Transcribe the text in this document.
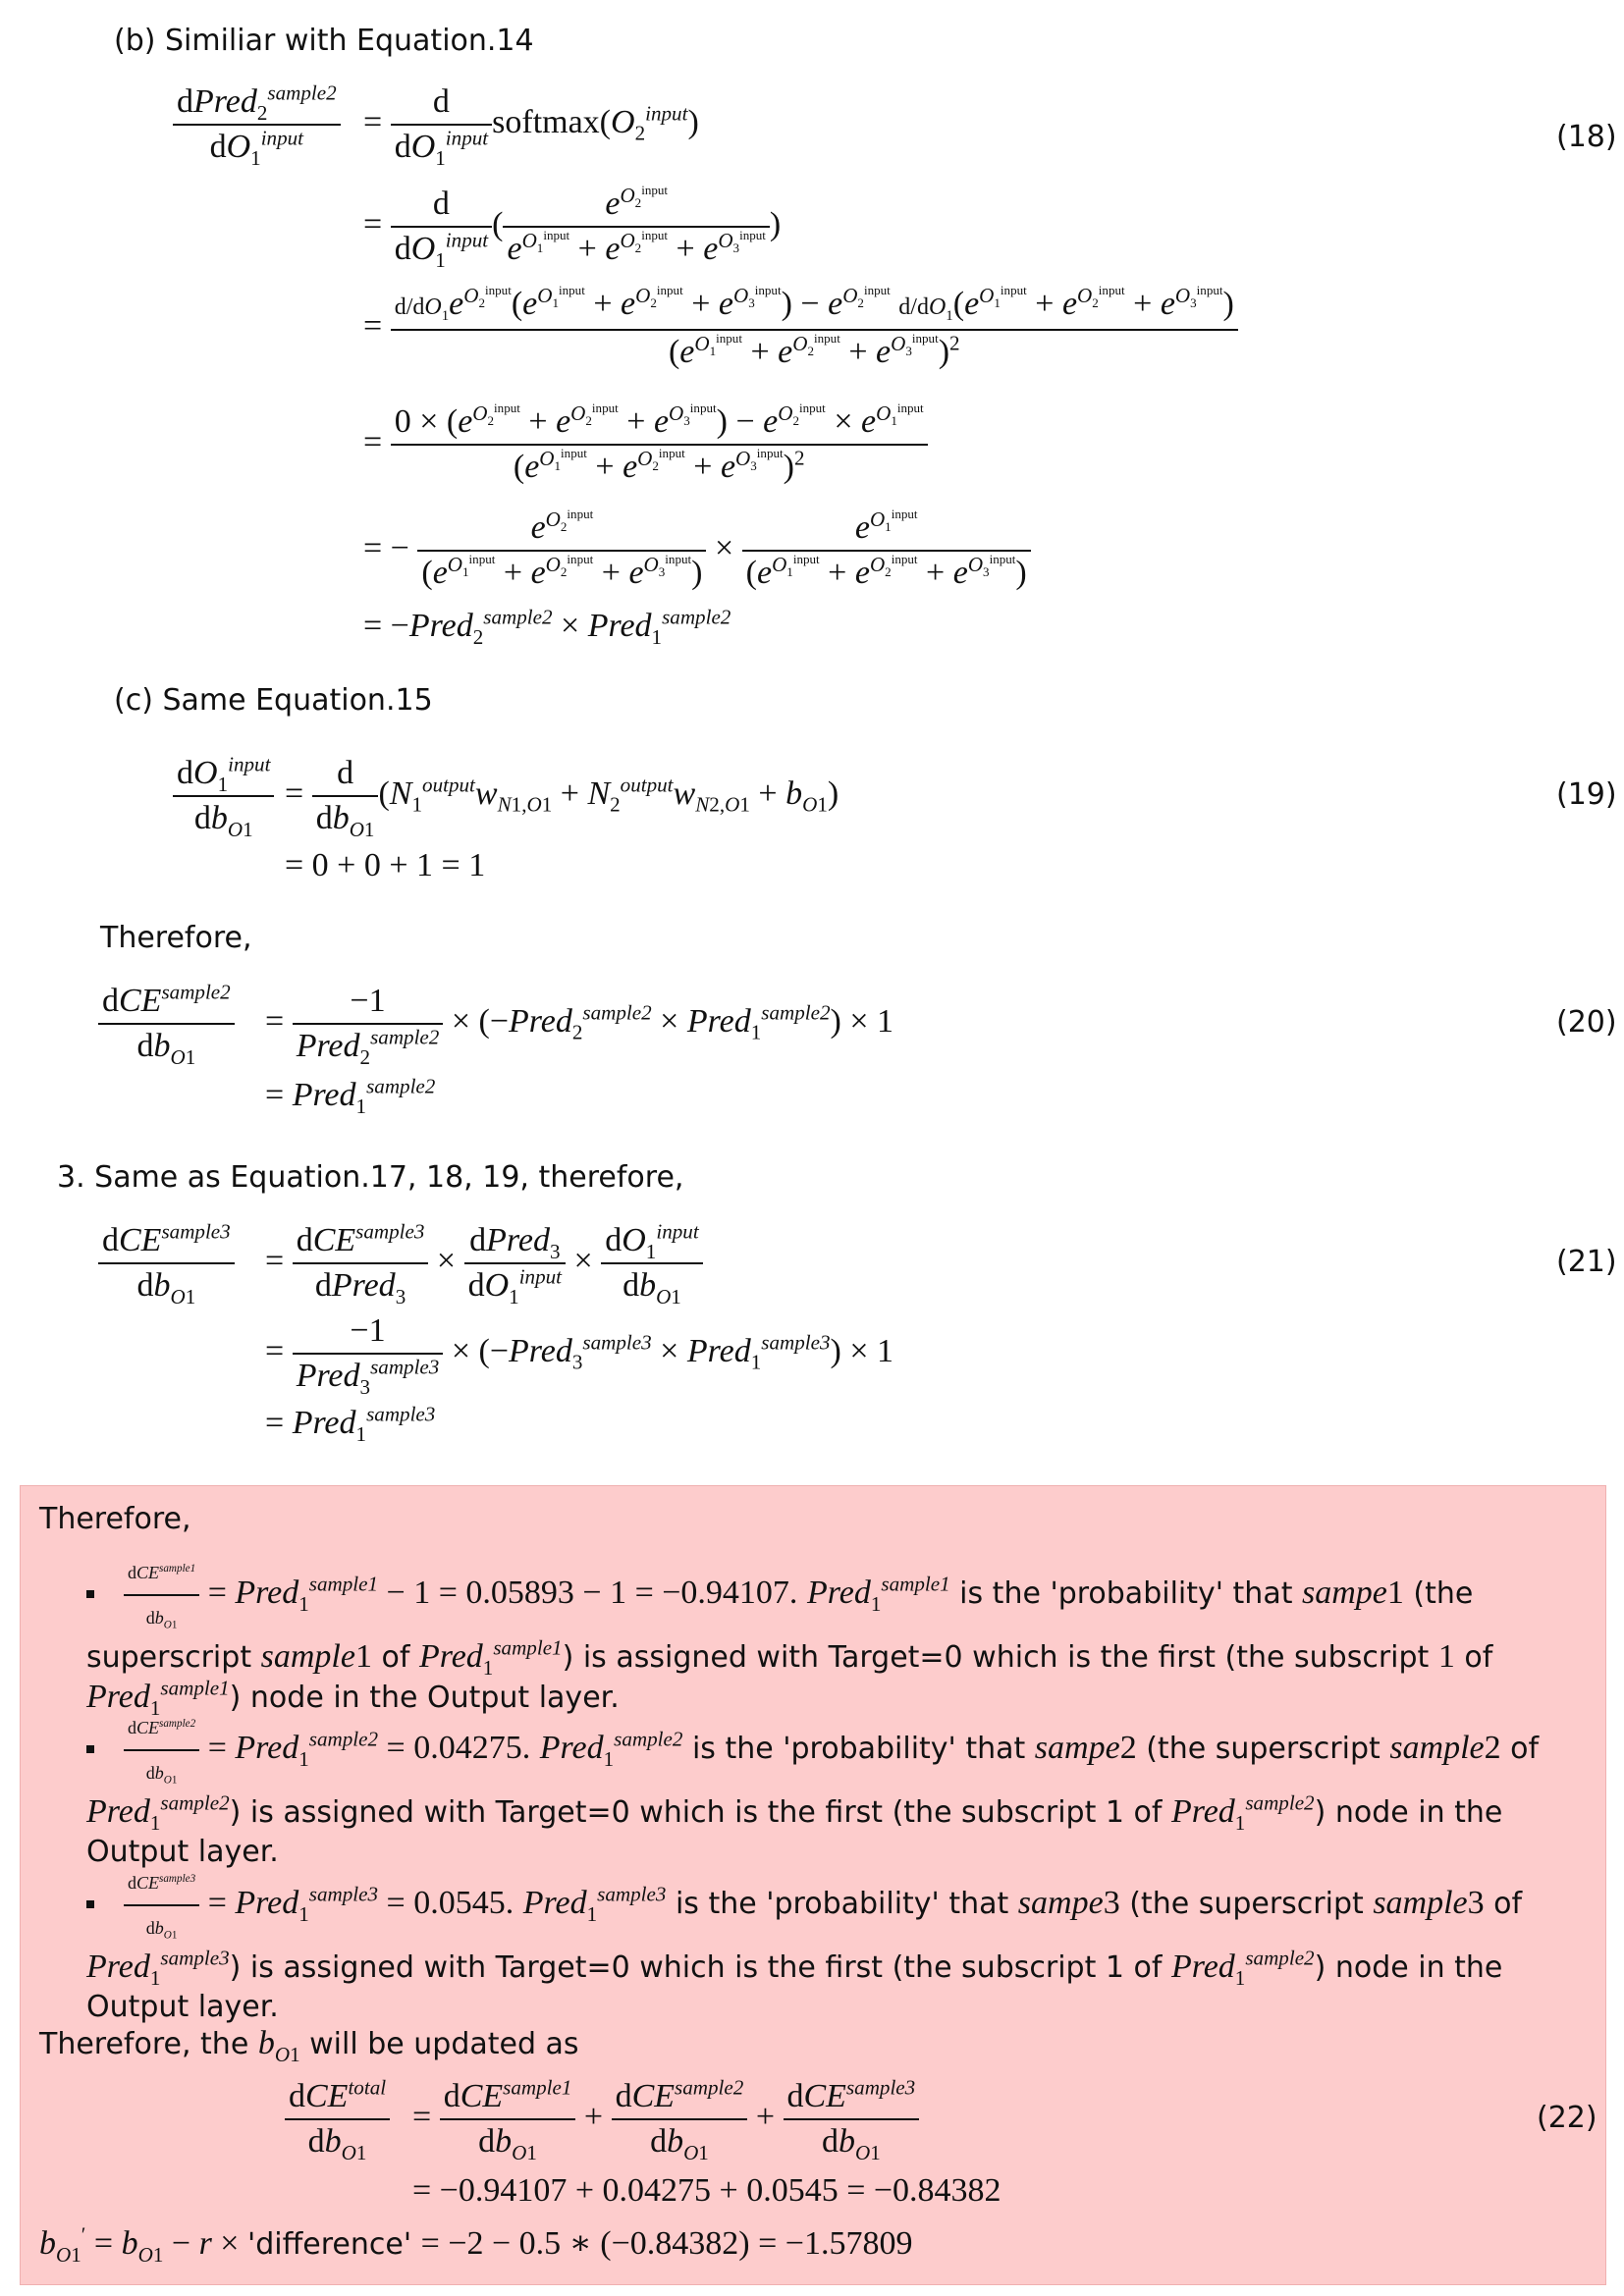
(b) Similiar with Equation.14
$\frac{dPred_2^{sample2}}{dO_1^{input}} = \frac{d}{dO_1^{input}}$ $softmax(O_2^{input})$	(18)
= $\frac{d}{dO_1^{input}}$ ( $\frac{e^{O_2^{input}}}{e^{O_1^{input}} + e^{O_2^{input}} + e^{O_3^{input}}}$ )
=
$d/dO_1e^{O_2^{input}}(e^{O_1^{input}} + e^{O_2^{input}} + e^{O_3^{input}}) - e^{O_2^{input}}$ $d/dO_1(e^{O_1^{input}} + e^{O_2^{input}} + e^{O_3^{input}})$
$(e^{O_1^{input}} + e^{O_2^{input}} + e^{O_3^{input}})^2$
= $\frac{0 \times (e^{O_2^{input}} + e^{O_2^{input}} + e^{O_3^{input}}) - e^{O_2^{input}} \times e^{O_1^{input}}}{(e^{O_1^{input}} + e^{O_2^{input}} + e^{O_3^{input}})^2}$
= − $\frac{e^{O_2^{input}}}{(e^{O_1^{input}} + e^{O_2^{input}} + e^{O_3^{input}})} \times \frac{e^{O_1^{input}}}{(e^{O_1^{input}} + e^{O_2^{input}} + e^{O_3^{input}})}$
= −Pred$_2^{sample2}$ × Pred$_1^{sample2}$
(c) Same Equation.15
$\frac{dO_1^{input}}{db_{O1}} = \frac{d}{db_{O1}} (N_1^{output}w_{N1,O1} + N_2^{output}w_{N2,O1} + b_{O1})$	(19)
= 0 + 0 + 1 = 1
Therefore,
$\frac{dCE^{sample2}}{db_{O1}} = \frac{-1}{Pred_2^{sample2}}$ × (−Pred$_2^{sample2}$ × Pred$_1^{sample2}$) × 1	(20)
= Pred$_1^{sample2}$
3. Same as Equation.17, 18, 19, therefore,
$\frac{dCE^{sample3}}{db_{O1}} = \frac{dCE^{sample3}}{dPred_3} \times \frac{dPred_3}{dO_1^{input}} \times \frac{dO_1^{input}}{db_{O1}}$	(21)
= $\frac{-1}{Pred_3^{sample3}}$ × (−Pred$_3^{sample3}$ × Pred$_1^{sample3}$) × 1
= Pred$_1^{sample3}$
Therefore,
$\frac{dCE^{sample1}}{db_{O1}}$ = Pred$_1^{sample1}$ − 1 = 0.05893 − 1 = −0.94107. Pred$_1^{sample1}$ is the 'probability' that sampe1 (the superscript sample1 of Pred$_1^{sample1}$) is assigned with Target=0 which is the first (the subscript 1 of Pred$_1^{sample1}$) node in the Output layer.
$\frac{dCE^{sample2}}{db_{O1}}$ = Pred$_1^{sample2}$ = 0.04275. Pred$_1^{sample2}$ is the 'probability' that sampe2 (the superscript sample2 of Pred$_1^{sample2}$) is assigned with Target=0 which is the first (the subscript 1 of Pred$_1^{sample2}$) node in the Output layer.
$\frac{dCE^{sample3}}{db_{O1}}$ = Pred$_1^{sample3}$ = 0.0545. Pred$_1^{sample3}$ is the 'probability' that sampe3 (the superscript sample3 of Pred$_1^{sample3}$) is assigned with Target=0 which is the first (the subscript 1 of Pred$_1^{sample2}$) node in the Output layer.
Therefore, the $b_{O1}$ will be updated as
$\frac{dCE^{total}}{db_{O1}} = \frac{dCE^{sample1}}{db_{O1}} + \frac{dCE^{sample2}}{db_{O1}} + \frac{dCE^{sample3}}{db_{O1}}$	(22)
= −0.94107 + 0.04275 + 0.0545 = −0.84382
$b_{O1}' = b_{O1} - r$ × 'difference' = −2 − 0.5 ∗ (−0.84382) = −1.57809
